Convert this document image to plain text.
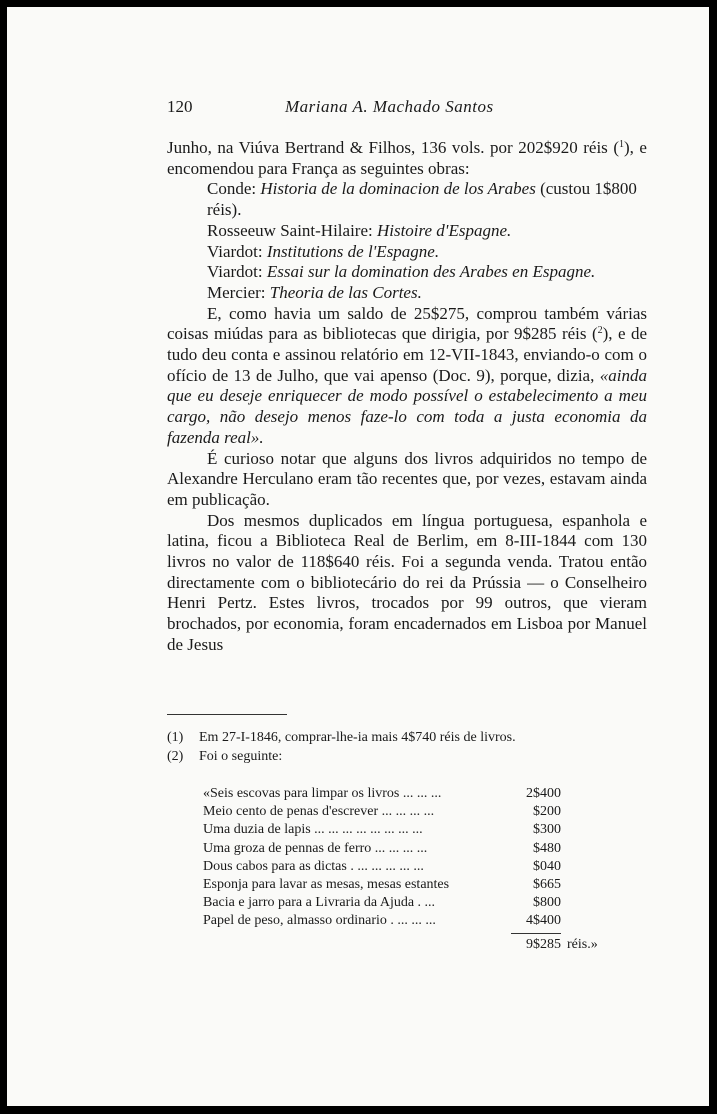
120	Mariana A. Machado Santos

Junho, na Viúva Bertrand & Filhos, 136 vols. por 202$920 réis ($^1$), e encomendou para França as seguintes obras:

Conde: Historia de la dominacion de los Arabes (custou 1$800 réis).

Rosseeuw Saint-Hilaire: Histoire d'Espagne.

Viardot: Institutions de l'Espagne.

Viardot: Essai sur la domination des Arabes en Espagne.

Mercier: Theoria de las Cortes.

E, como havia um saldo de 25$275, comprou também várias coisas miúdas para as bibliotecas que dirigia, por 9$285 réis ($^2$), e de tudo deu conta e assinou relatório em 12-VII-1843, enviando-o com o ofício de 13 de Julho, que vai apenso (Doc. 9), porque, dizia, «ainda que eu deseje enriquecer de modo possível o estabelecimento a meu cargo, não desejo menos faze-lo com toda a justa economia da fazenda real».

É curioso notar que alguns dos livros adquiridos no tempo de Alexandre Herculano eram tão recentes que, por vezes, estavam ainda em publicação.

Dos mesmos duplicados em língua portuguesa, espanhola e latina, ficou a Biblioteca Real de Berlim, em 8-III-1844 com 130 livros no valor de 118$640 réis. Foi a segunda venda. Tratou então directamente com o bibliotecário do rei da Prússia — o Conselheiro Henri Pertz. Estes livros, trocados por 99 outros, que vieram brochados, por economia, foram encadernados em Lisboa por Manuel de Jesus

(1)	Em 27-I-1846, comprar-lhe-ia mais 4$740 réis de livros.
(2)	Foi o seguinte:
«Seis escovas para limpar os livros ... ... ...	2$400
Meio cento de penas d'escrever ... ... ... ...	$200
Uma duzia de lapis ... ... ... ... ... ... ... ...	$300
Uma groza de pennas de ferro ... ... ... ...	$480
Dous cabos para as dictas . ... ... ... ... ...	$040
Esponja para lavar as mesas, mesas estantes	$665
Bacia e jarro para a Livraria da Ajuda . ...	$800
Papel de peso, almasso ordinario . ... ... ...	4$400
9$285 réis.»
